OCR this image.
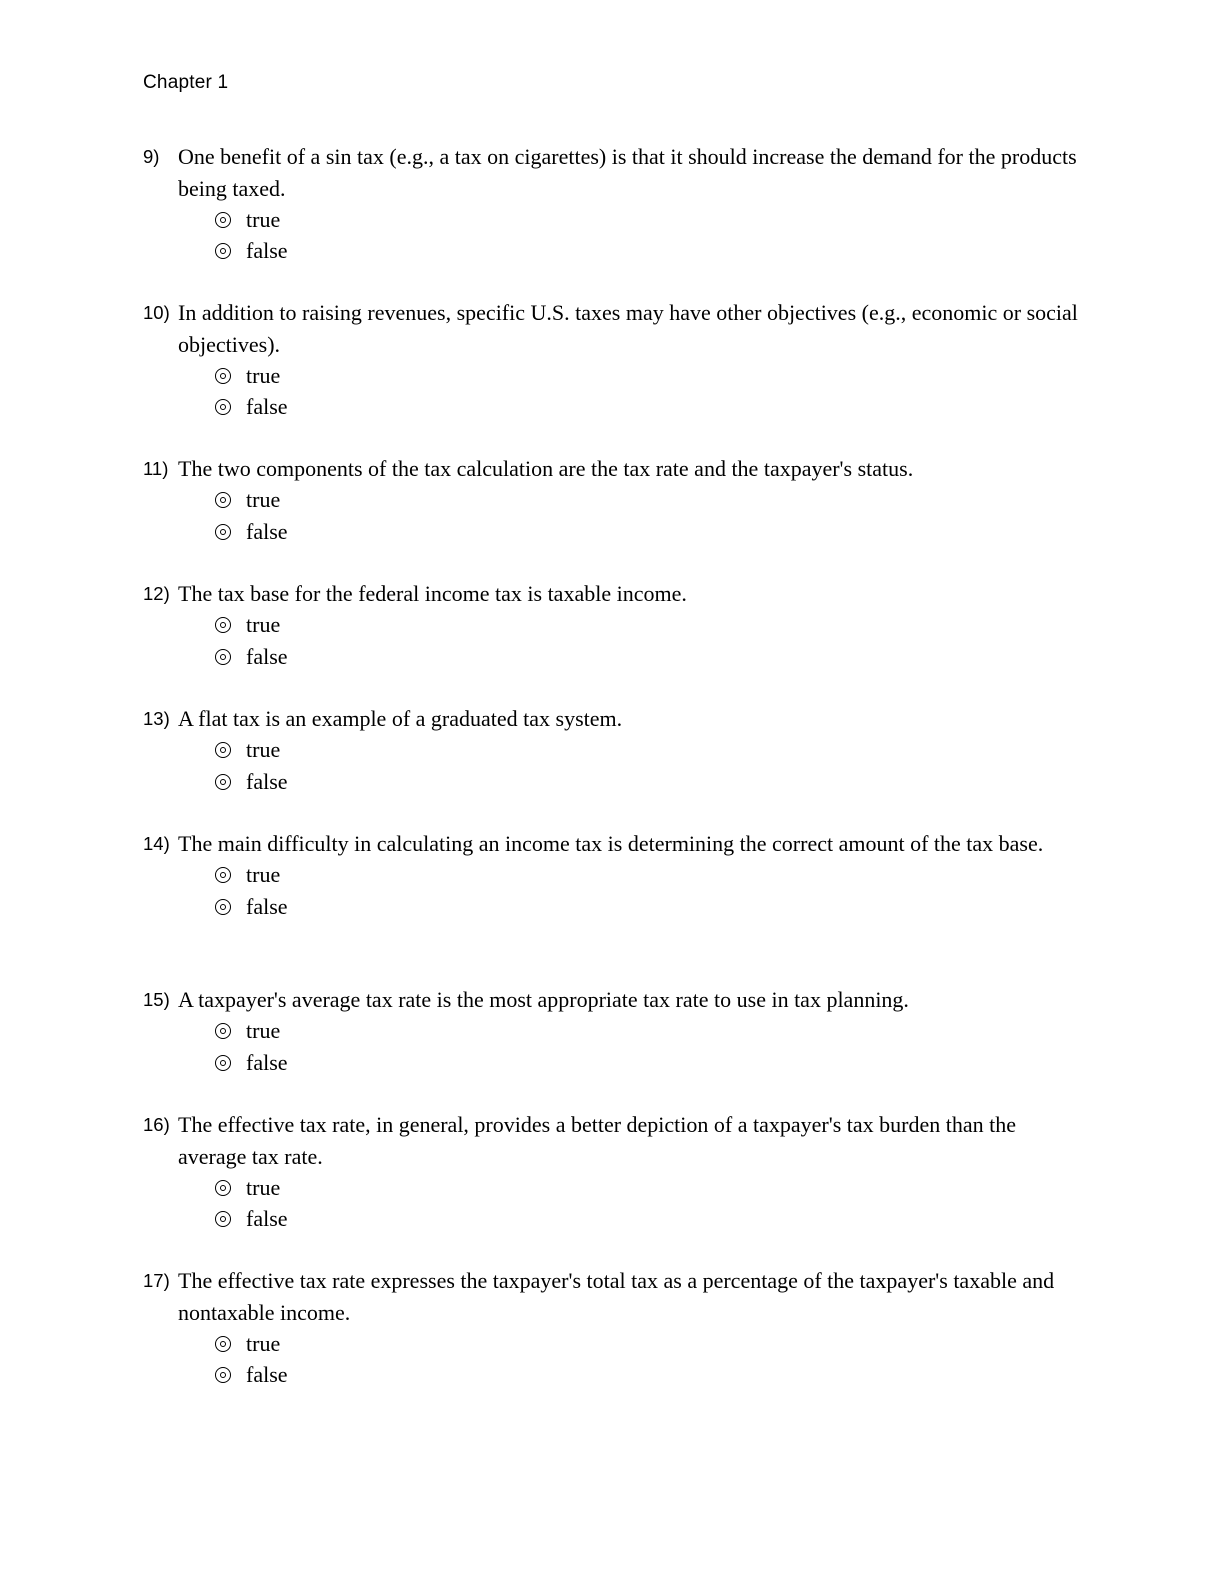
Chapter 1
9) One benefit of a sin tax (e.g., a tax on cigarettes) is that it should increase the demand for the products being taxed.
true
false
10) In addition to raising revenues, specific U.S. taxes may have other objectives (e.g., economic or social objectives).
true
false
11) The two components of the tax calculation are the tax rate and the taxpayer's status.
true
false
12) The tax base for the federal income tax is taxable income.
true
false
13) A flat tax is an example of a graduated tax system.
true
false
14) The main difficulty in calculating an income tax is determining the correct amount of the tax base.
true
false
15) A taxpayer's average tax rate is the most appropriate tax rate to use in tax planning.
true
false
16) The effective tax rate, in general, provides a better depiction of a taxpayer's tax burden than the average tax rate.
true
false
17) The effective tax rate expresses the taxpayer's total tax as a percentage of the taxpayer's taxable and nontaxable income.
true
false
